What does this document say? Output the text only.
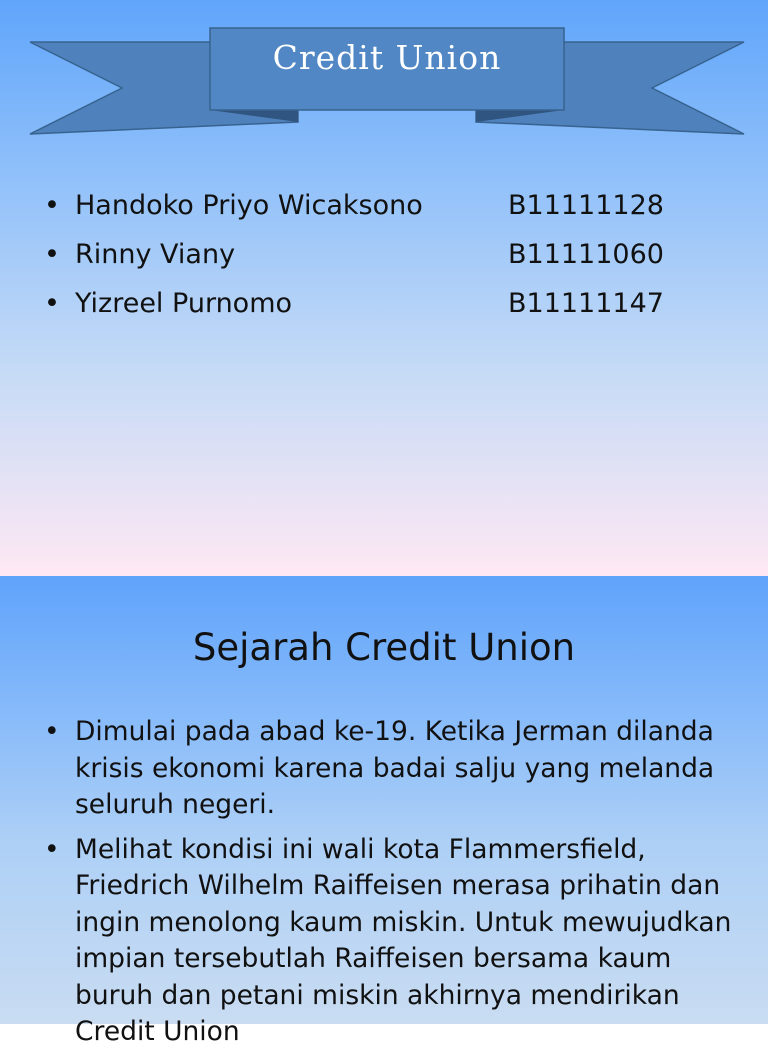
Credit Union
• Handoko Priyo Wicaksono	B11111128
• Rinny Viany	B11111060
• Yizreel Purnomo	B11111147
Sejarah Credit Union
• Dimulai pada abad ke-19. Ketika Jerman dilanda krisis ekonomi karena badai salju yang melanda seluruh negeri.
• Melihat kondisi ini wali kota Flammersfield, Friedrich Wilhelm Raiffeisen merasa prihatin dan ingin menolong kaum miskin. Untuk mewujudkan impian tersebutlah Raiffeisen bersama kaum buruh dan petani miskin akhirnya mendirikan Credit Union
